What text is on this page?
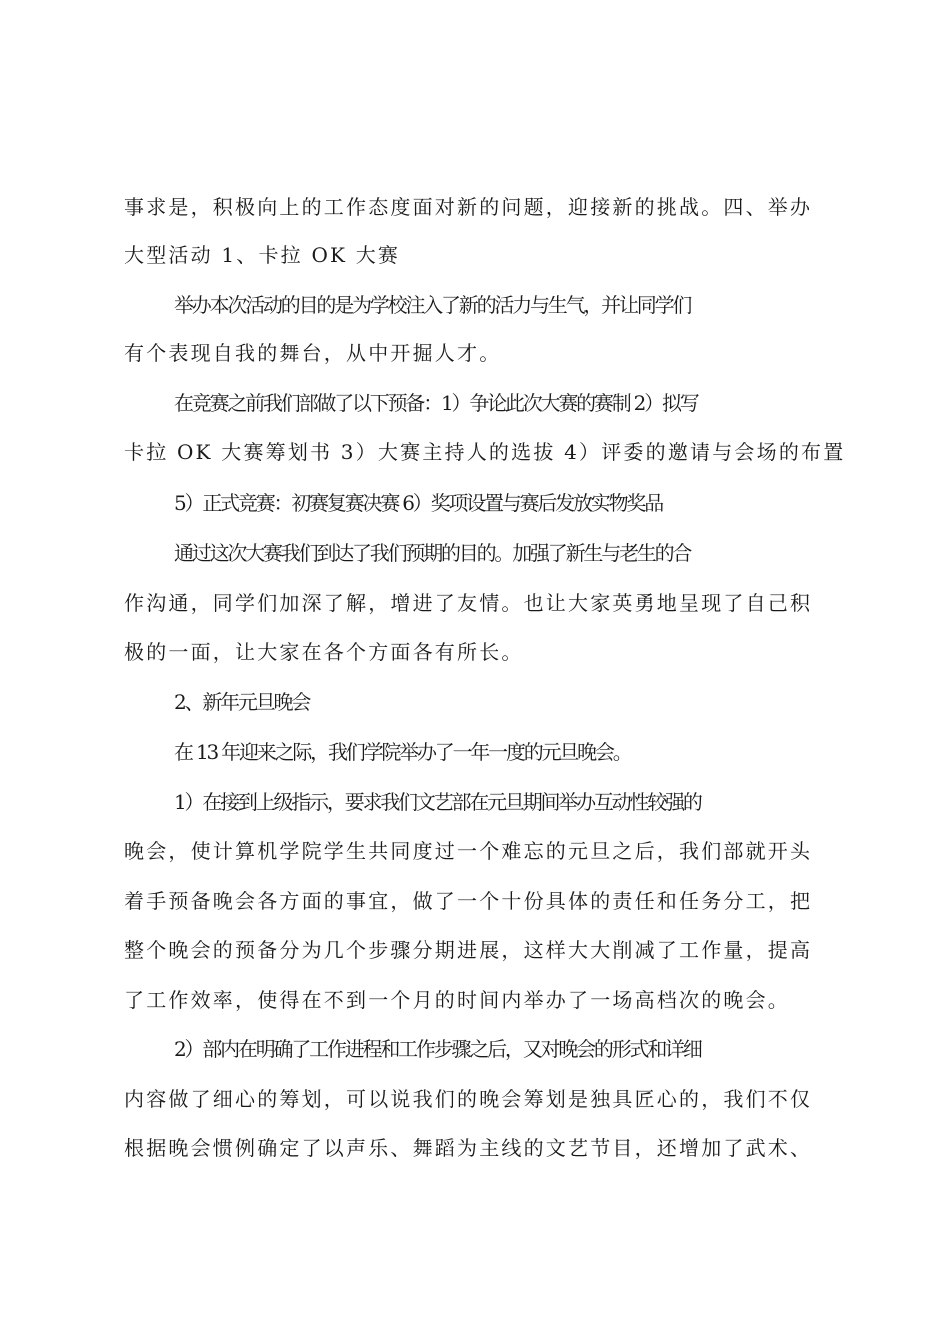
事求是，积极向上的工作态度面对新的问题，迎接新的挑战。四、举办

大型活动 1、卡拉 OK 大赛

举办本次活动的目的是为学校注入了新的活力与生气，并让同学们

有个表现自我的舞台，从中开掘人才。

在竞赛之前我们部做了以下预备：1）争论此次大赛的赛制 2）拟写

卡拉 OK 大赛筹划书 3）大赛主持人的选拔 4）评委的邀请与会场的布置

5）正式竞赛：初赛复赛决赛 6）奖项设置与赛后发放实物奖品

通过这次大赛我们到达了我们预期的目的。加强了新生与老生的合

作沟通，同学们加深了解，增进了友情。也让大家英勇地呈现了自己积

极的一面，让大家在各个方面各有所长。

2、新年元旦晚会

在 13 年迎来之际，我们学院举办了一年一度的元旦晚会。

1）在接到上级指示，要求我们文艺部在元旦期间举办互动性较强的

晚会，使计算机学院学生共同度过一个难忘的元旦之后，我们部就开头

着手预备晚会各方面的事宜，做了一个十份具体的责任和任务分工，把

整个晚会的预备分为几个步骤分期进展，这样大大削减了工作量，提高

了工作效率，使得在不到一个月的时间内举办了一场高档次的晚会。

2）部内在明确了工作进程和工作步骤之后，又对晚会的形式和详细

内容做了细心的筹划，可以说我们的晚会筹划是独具匠心的，我们不仅

根据晚会惯例确定了以声乐、舞蹈为主线的文艺节目，还增加了武术、
